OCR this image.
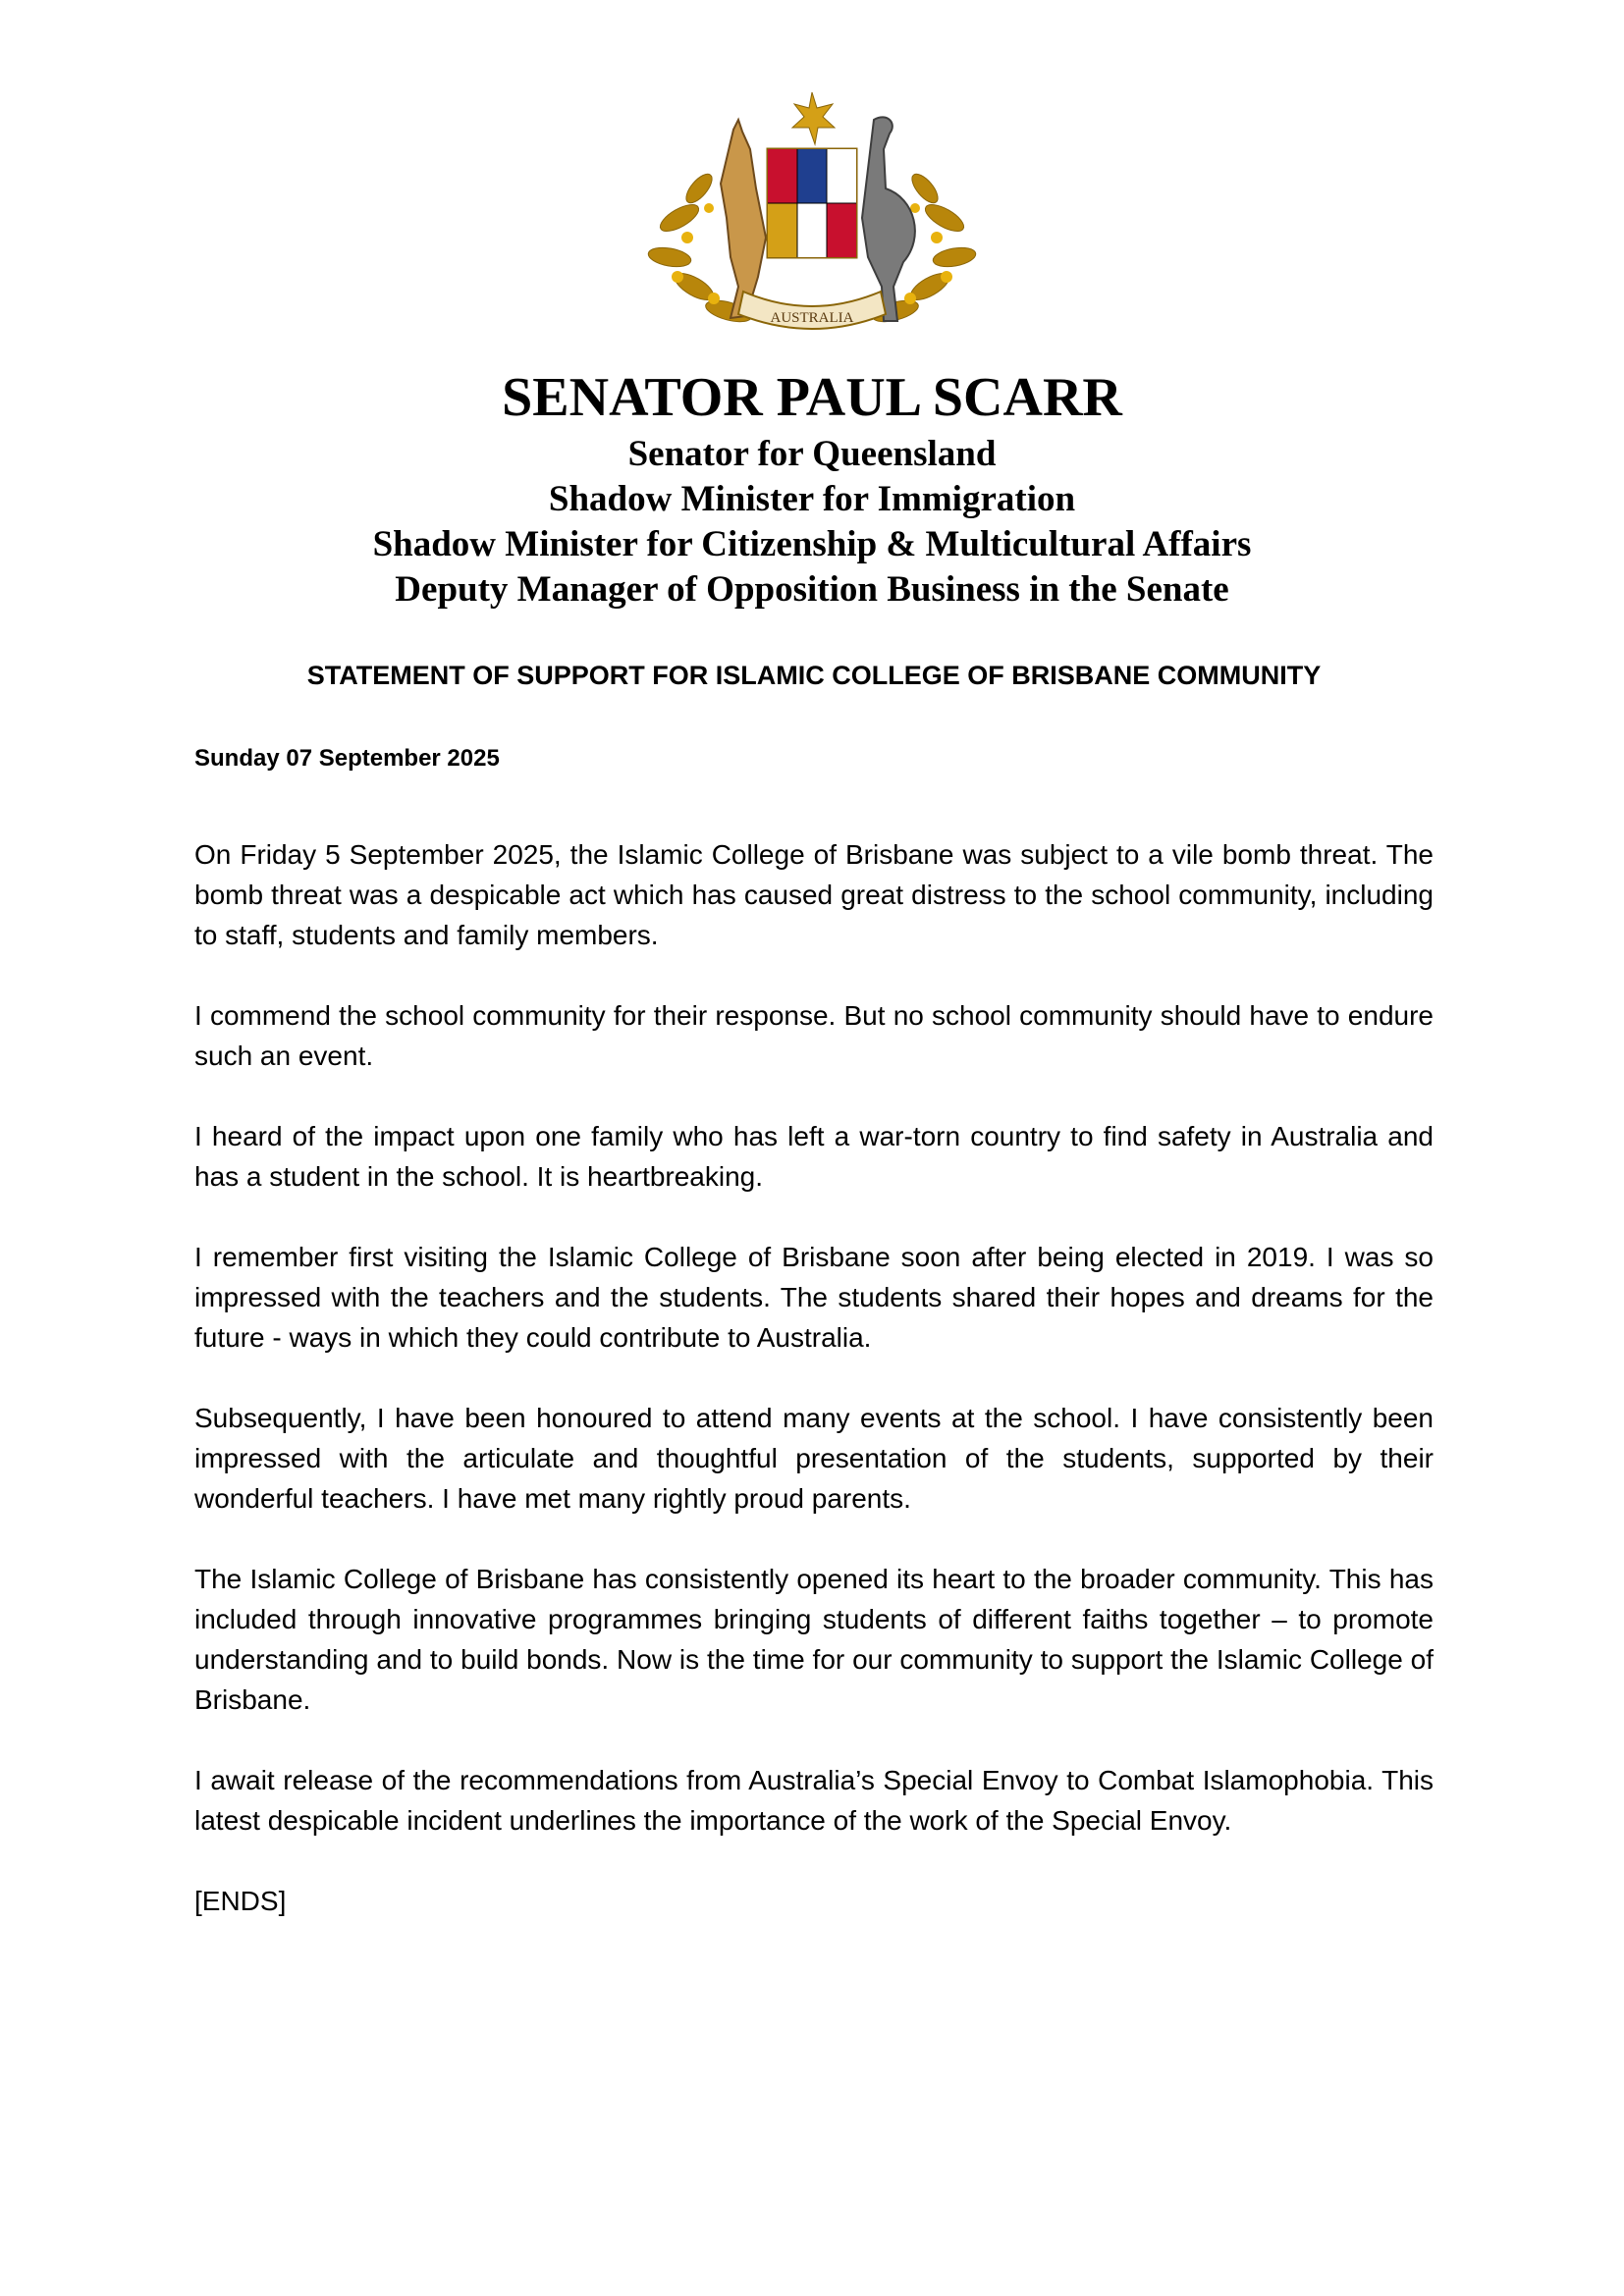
AUSTRALIA

SENATOR PAUL SCARR

Senator for Queensland

Shadow Minister for Immigration

Shadow Minister for Citizenship & Multicultural Affairs

Deputy Manager of Opposition Business in the Senate

STATEMENT OF SUPPORT FOR ISLAMIC COLLEGE OF BRISBANE COMMUNITY

Sunday 07 September 2025

On Friday 5 September 2025, the Islamic College of Brisbane was subject to a vile bomb threat. The bomb threat was a despicable act which has caused great distress to the school community, including to staff, students and family members.

I commend the school community for their response. But no school community should have to endure such an event.

I heard of the impact upon one family who has left a war-torn country to find safety in Australia and has a student in the school. It is heartbreaking.

I remember first visiting the Islamic College of Brisbane soon after being elected in 2019. I was so impressed with the teachers and the students. The students shared their hopes and dreams for the future - ways in which they could contribute to Australia.

Subsequently, I have been honoured to attend many events at the school. I have consistently been impressed with the articulate and thoughtful presentation of the students, supported by their wonderful teachers. I have met many rightly proud parents.

The Islamic College of Brisbane has consistently opened its heart to the broader community. This has included through innovative programmes bringing students of different faiths together – to promote understanding and to build bonds. Now is the time for our community to support the Islamic College of Brisbane.

I await release of the recommendations from Australia’s Special Envoy to Combat Islamophobia. This latest despicable incident underlines the importance of the work of the Special Envoy.

[ENDS]
